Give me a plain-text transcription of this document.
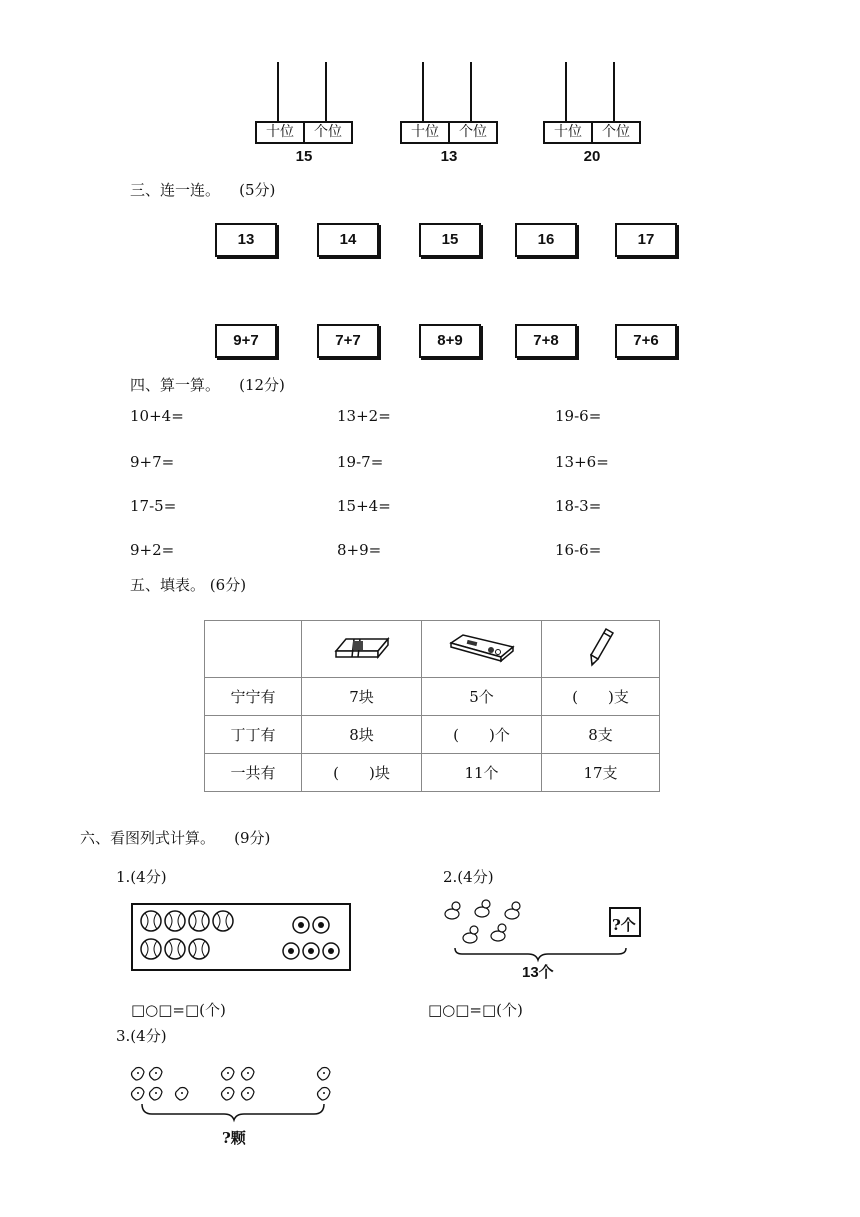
十位	个位
15
十位	个位
13
十位	个位
20
三、连一连。 (5分)
13	14	15	16	17
9+7	7+7	8+9	7+8	7+6
四、算一算。 (12分)
10+4=	13+2=	19-6=
9+7=	19-7=	13+6=
17-5=	15+4=	18-3=
9+2=	8+9=	16-6=
五、填表。 (6分)

宁宁有	7块	5个	(　　)支
丁丁有	8块	(　　)个	8支
一共有	(　　)块	11个	17支
六、看图列式计算。 (9分)
1.(4分)
□○□=□(个)
2.(4分)
?个
13个
□○□=□(个)
3.(4分)
?颗
